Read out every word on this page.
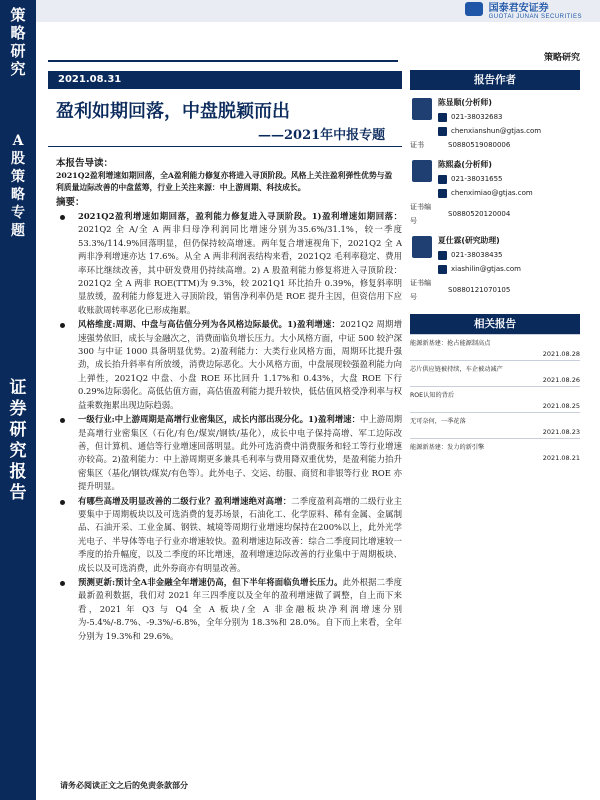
策
略
研
究
A
股
策
略
专
题
证
券
研
究
报
告
国泰君安证券
GUOTAI JUNAN SECURITIES
策略研究
2021.08.31
盈利如期回落，中盘脱颖而出
——2021年中报专题
本报告导读：
2021Q2盈利增速如期回落，全A盈利能力修复亦将进入寻顶阶段。风格上关注盈利弹性优势与盈利质量边际改善的中盘蓝筹，行业上关注来源：中上游周期、科技成长。
摘要：
2021Q2盈利增速如期回落，盈利能力修复进入寻顶阶段。1)盈利增速如期回落：2021Q2 全 A/全 A 两非归母净利润同比增速分别为35.6%/31.1%，较一季度 53.3%/114.9%回落明显，但仍保持较高增速。两年复合增速视角下，2021Q2 全 A 两非净利增速亦达 17.6%。从全 A 两非利润表结构来看，2021Q2 毛利率稳定、费用率环比继续改善，其中研发费用仍持续高增。2) A 股盈利能力修复将进入寻顶阶段：2021Q2 全 A 两非 ROE(TTM)为 9.3%，较 2021Q1 环比抬升 0.39%，修复斜率明显放缓，盈利能力修复进入寻顶阶段，销售净利率仍是 ROE 提升主因，但资信用下应收账款周转率恶化已形成拖累。
风格维度:周期、中盘与高估值分列为各风格边际最优。1)盈利增速：2021Q2 周期增速强势依旧，成长与金融次之，消费面临负增长压力。大小风格方面，中证 500 较沪深 300 与中证 1000 具备明显优势。2)盈利能力：大类行业风格方面，周期环比提升强劲，成长抬升斜率有所放缓，消费边际恶化。大小风格方面，中盘展现较强盈利能力向上弹性，2021Q2 中盘、小盘 ROE 环比回升 1.17%和 0.43%，大盘 ROE 下行 0.29%边际弱化。高低估值方面，高估值盈利能力提升较快，低估值风格受净利率与权益乘数拖累出现边际趋弱。
一级行业:中上游周期是高增行业密集区，成长内部出现分化。1)盈利增速：中上游周期是高增行业密集区（石化/有色/煤炭/钢铁/基化），成长中电子保持高增、军工边际改善，但计算机、通信等行业增速回落明显。此外可选消费中消费服务和轻工等行业增速亦较高。2)盈利能力：中上游周期更多兼具毛利率与费用降双重优势，是盈利能力抬升密集区（基化/钢铁/煤炭/有色等）。此外电子、交运、纺服、商贸和非银等行业 ROE 亦提升明显。
有哪些高增及明显改善的二级行业？盈利增速绝对高增：二季度盈利高增的二级行业主要集中于周期板块以及可选消费的复苏场景，石油化工、化学原料、稀有金属、金属制品、石油开采、工业金属、钢铁、城境等周期行业增速均保持在200%以上，此外光学光电子、半导体等电子行业亦增速较快。盈利增速边际改善：综合二季度同比增速较一季度的抬升幅度，以及二季度的环比增速，盈利增速边际改善的行业集中于周期板块、成长以及可选消费，此外券商亦有明显改善。
预测更新:预计全A非金融全年增速仍高，但下半年将面临负增长压力。此外根据二季度最新盈利数据，我们对 2021 年三四季度以及全年的盈利增速做了调整，自上而下来看，2021 年 Q3 与 Q4 全 A 板块/全 A 非金融板块净利润增速分别为-5.4%/-8.7%、-9.3%/-6.8%，全年分别为 18.3%和 28.0%。自下而上来看，全年分别为 19.3%和 29.6%。
请务必阅读正文之后的免责条款部分
报告作者
陈显顺(分析师)
021-38032683
chenxianshun@gtjas.com
证书	S0880519080006
陈熙淼(分析师)
021-38031655
chenximiao@gtjas.com
证书编号
S0880520120004
夏仕霖(研究助理)
021-38038435
xiashilin@gtjas.com
证书编号
S0880121070105
相关报告
能源新基建：抢占能源制高点
2021.08.28
芯片供应链被持续，车企被动减产
2021.08.26
ROE认知的背后
2021.08.25
无可奈何，一季花落
2021.08.23
能源新基建：发力的新引擎
2021.08.21
